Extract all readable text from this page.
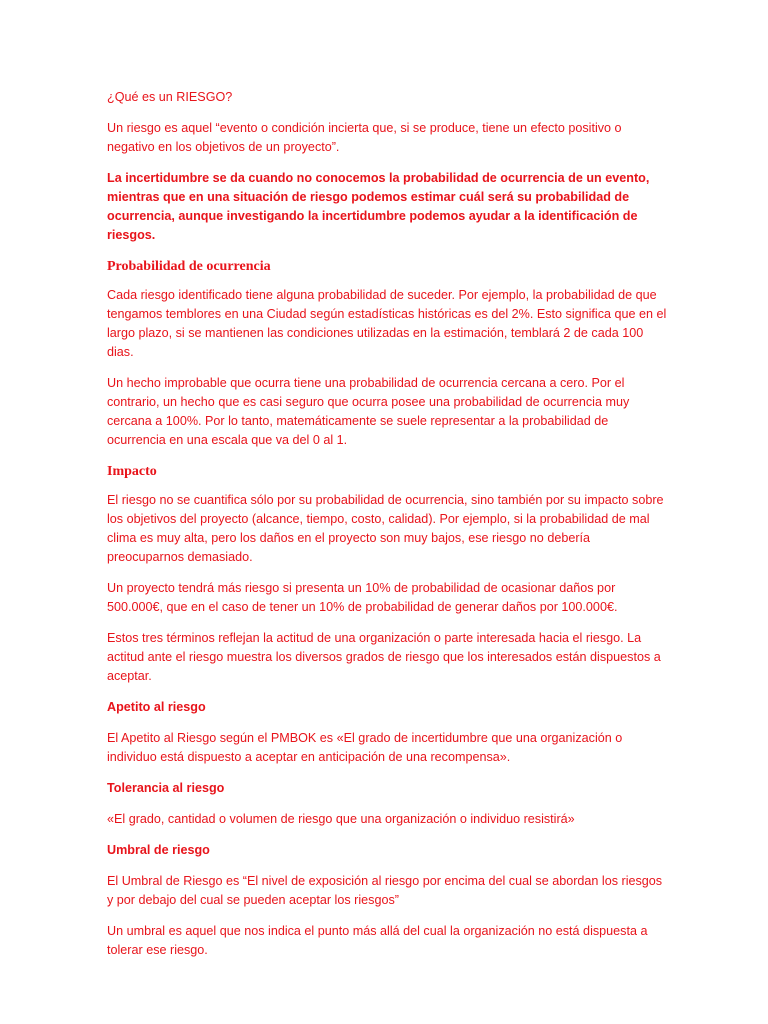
¿Qué es un RIESGO?

Un riesgo es aquel “evento o condición incierta que, si se produce, tiene un efecto positivo o negativo en los objetivos de un proyecto”.

La incertidumbre se da cuando no conocemos la probabilidad de ocurrencia de un evento, mientras que en una situación de riesgo podemos estimar cuál será su probabilidad de ocurrencia, aunque investigando la incertidumbre podemos ayudar a la identificación de riesgos.

Probabilidad de ocurrencia

Cada riesgo identificado tiene alguna probabilidad de suceder. Por ejemplo, la probabilidad de que tengamos temblores en una Ciudad según estadísticas históricas es del 2%. Esto significa que en el largo plazo, si se mantienen las condiciones utilizadas en la estimación, temblará 2 de cada 100 dias.

Un hecho improbable que ocurra tiene una probabilidad de ocurrencia cercana a cero. Por el contrario, un hecho que es casi seguro que ocurra posee una probabilidad de ocurrencia muy cercana a 100%. Por lo tanto, matemáticamente se suele representar a la probabilidad de ocurrencia en una escala que va del 0 al 1.

Impacto

El riesgo no se cuantifica sólo por su probabilidad de ocurrencia, sino también por su impacto sobre los objetivos del proyecto (alcance, tiempo, costo, calidad). Por ejemplo, si la probabilidad de mal clima es muy alta, pero los daños en el proyecto son muy bajos, ese riesgo no debería preocuparnos demasiado.

Un proyecto tendrá más riesgo si presenta un 10% de probabilidad de ocasionar daños por 500.000€, que en el caso de tener un 10% de probabilidad de generar daños por 100.000€.

Estos tres términos reflejan la actitud de una organización o parte interesada hacia el riesgo. La actitud ante el riesgo muestra los diversos grados de riesgo que los interesados están dispuestos a aceptar.

Apetito al riesgo

El Apetito al Riesgo según el PMBOK es «El grado de incertidumbre que una organización o individuo está dispuesto a aceptar en anticipación de una recompensa».

Tolerancia al riesgo

«El grado, cantidad o volumen de riesgo que una organización o individuo resistirá»

Umbral de riesgo

El Umbral de Riesgo es “El nivel de exposición al riesgo por encima del cual se abordan los riesgos y por debajo del cual se pueden aceptar los riesgos”

Un umbral es aquel que nos indica el punto más allá del cual la organización no está dispuesta a tolerar ese riesgo.
